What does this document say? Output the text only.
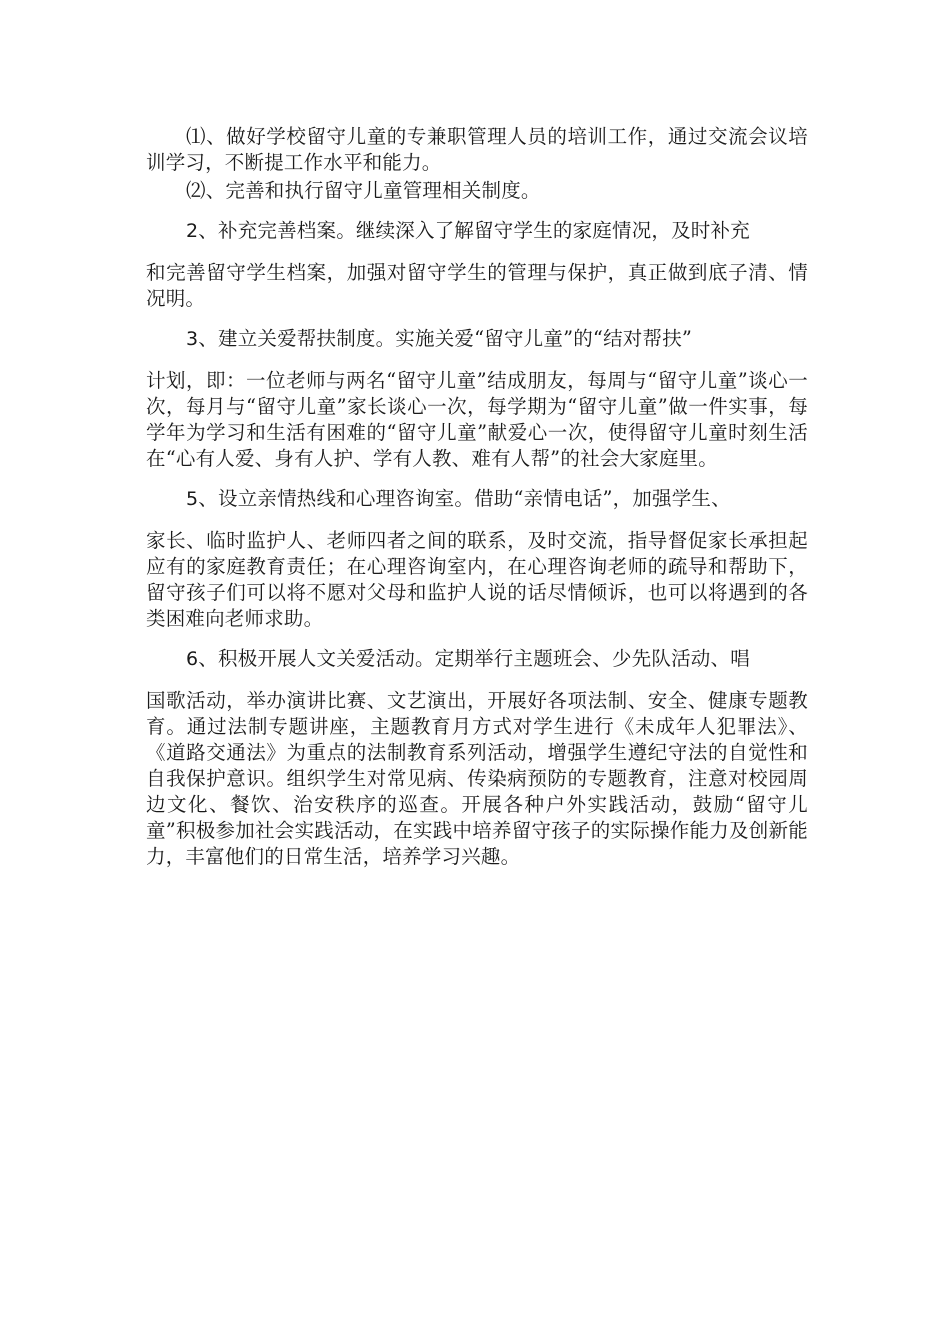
⑴、做好学校留守儿童的专兼职管理人员的培训工作，通过交流会议培训学习，不断提工作水平和能力。

⑵、完善和执行留守儿童管理相关制度。

2、补充完善档案。继续深入了解留守学生的家庭情况，及时补充
和完善留守学生档案，加强对留守学生的管理与保护，真正做到底子清、情况明。
3、建立关爱帮扶制度。实施关爱“留守儿童”的“结对帮扶”
计划，即：一位老师与两名“留守儿童”结成朋友，每周与“留守儿童”谈心一次，每月与“留守儿童”家长谈心一次，每学期为“留守儿童”做一件实事，每学年为学习和生活有困难的“留守儿童”献爱心一次，使得留守儿童时刻生活在“心有人爱、身有人护、学有人教、难有人帮”的社会大家庭里。
5、设立亲情热线和心理咨询室。借助“亲情电话”，加强学生、
家长、临时监护人、老师四者之间的联系，及时交流，指导督促家长承担起应有的家庭教育责任；在心理咨询室内，在心理咨询老师的疏导和帮助下，留守孩子们可以将不愿对父母和监护人说的话尽情倾诉，也可以将遇到的各类困难向老师求助。
6、积极开展人文关爱活动。定期举行主题班会、少先队活动、唱
国歌活动，举办演讲比赛、文艺演出，开展好各项法制、安全、健康专题教育。通过法制专题讲座，主题教育月方式对学生进行《未成年人犯罪法》、《道路交通法》为重点的法制教育系列活动，增强学生遵纪守法的自觉性和自我保护意识。组织学生对常见病、传染病预防的专题教育，注意对校园周边文化、餐饮、治安秩序的巡查。开展各种户外实践活动，鼓励“留守儿童”积极参加社会实践活动，在实践中培养留守孩子的实际操作能力及创新能力，丰富他们的日常生活，培养学习兴趣。
